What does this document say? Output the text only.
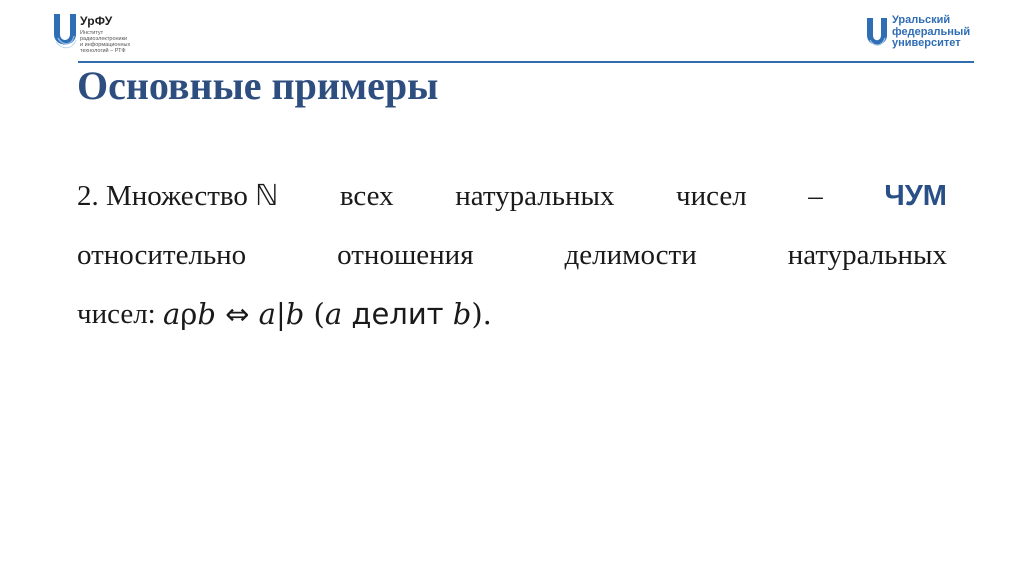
УрФУ
Институт
радиоэлектроники
и информационных
технологий – РТФ
Уральский
федеральный
университет
Основные примеры
2. Множество ℕ всех натуральных чисел – ЧУМ
относительно	отношения	делимости	натуральных
чисел: a ρ b ⇔ a | b ( a делит b ).
